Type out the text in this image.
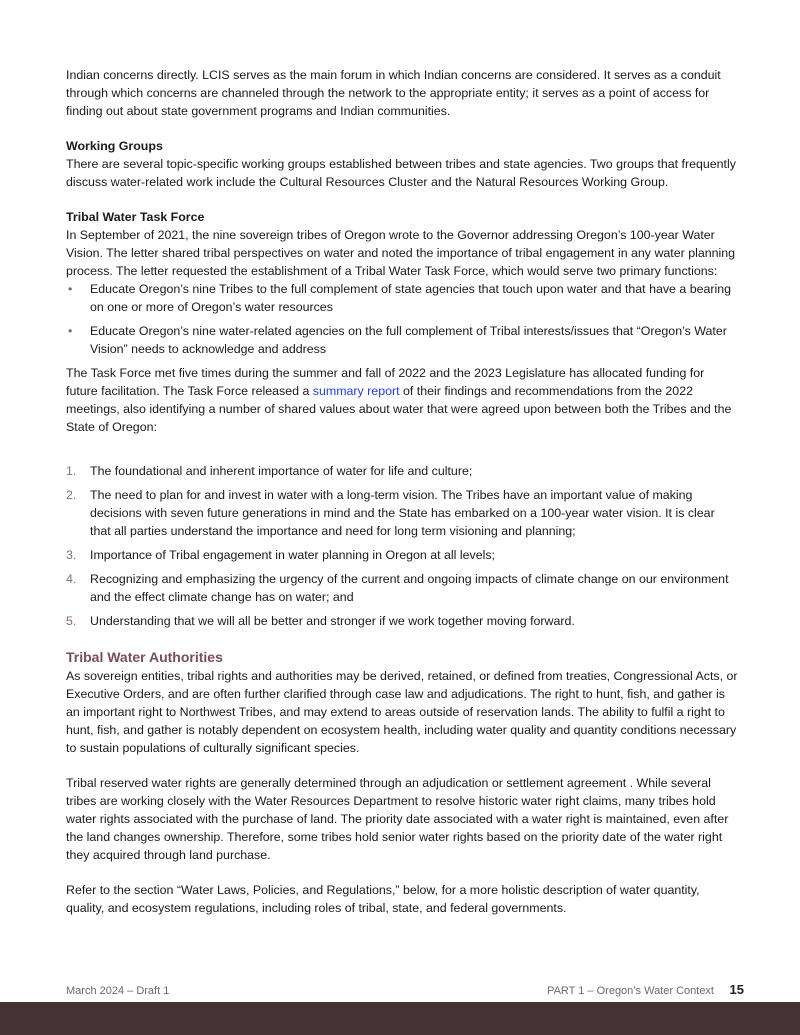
Indian concerns directly. LCIS serves as the main forum in which Indian concerns are considered. It serves as a conduit through which concerns are channeled through the network to the appropriate entity; it serves as a point of access for finding out about state government programs and Indian communities.

Working Groups

There are several topic-specific working groups established between tribes and state agencies. Two groups that frequently discuss water-related work include the Cultural Resources Cluster and the Natural Resources Working Group.

Tribal Water Task Force

In September of 2021, the nine sovereign tribes of Oregon wrote to the Governor addressing Oregon’s 100-year Water Vision. The letter shared tribal perspectives on water and noted the importance of tribal engagement in any water planning process. The letter requested the establishment of a Tribal Water Task Force, which would serve two primary functions:

• Educate Oregon’s nine Tribes to the full complement of state agencies that touch upon water and that have a bearing on one or more of Oregon’s water resources
• Educate Oregon’s nine water-related agencies on the full complement of Tribal interests/issues that “Oregon’s Water Vision” needs to acknowledge and address

The Task Force met five times during the summer and fall of 2022 and the 2023 Legislature has allocated funding for future facilitation. The Task Force released a summary report of their findings and recommendations from the 2022 meetings, also identifying a number of shared values about water that were agreed upon between both the Tribes and the State of Oregon:

1. The foundational and inherent importance of water for life and culture;
2. The need to plan for and invest in water with a long-term vision. The Tribes have an important value of making decisions with seven future generations in mind and the State has embarked on a 100-year water vision. It is clear that all parties understand the importance and need for long term visioning and planning;
3. Importance of Tribal engagement in water planning in Oregon at all levels;
4. Recognizing and emphasizing the urgency of the current and ongoing impacts of climate change on our environment and the effect climate change has on water; and
5. Understanding that we will all be better and stronger if we work together moving forward.
Tribal Water Authorities

As sovereign entities, tribal rights and authorities may be derived, retained, or defined from treaties, Congressional Acts, or Executive Orders, and are often further clarified through case law and adjudications. The right to hunt, fish, and gather is an important right to Northwest Tribes, and may extend to areas outside of reservation lands. The ability to fulfil a right to hunt, fish, and gather is notably dependent on ecosystem health, including water quality and quantity conditions necessary to sustain populations of culturally significant species.

Tribal reserved water rights are generally determined through an adjudication or settlement agreement . While several tribes are working closely with the Water Resources Department to resolve historic water right claims, many tribes hold water rights associated with the purchase of land. The priority date associated with a water right is maintained, even after the land changes ownership. Therefore, some tribes hold senior water rights based on the priority date of the water right they acquired through land purchase.

Refer to the section “Water Laws, Policies, and Regulations,” below, for a more holistic description of water quantity, quality, and ecosystem regulations, including roles of tribal, state, and federal governments.

March 2024 – Draft 1	PART 1 – Oregon’s Water Context 15
